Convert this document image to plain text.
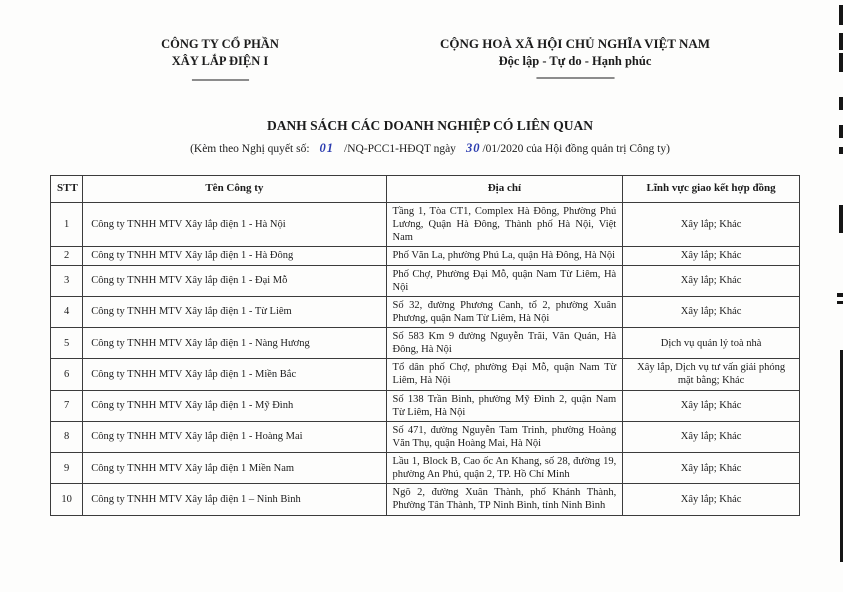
CÔNG TY CỔ PHẦN
XÂY LẮP ĐIỆN I
-------------------
CỘNG HOÀ XÃ HỘI CHỦ NGHĨA VIỆT NAM
Độc lập - Tự do - Hạnh phúc
--------------------------
DANH SÁCH CÁC DOANH NGHIỆP CÓ LIÊN QUAN
(Kèm theo Nghị quyết số: 01 /NQ-PCC1-HĐQT ngày 30 /01/2020 của Hội đồng quản trị Công ty)
STT	Tên Công ty	Địa chỉ	Lĩnh vực giao kết hợp đồng
1	Công ty TNHH MTV Xây lắp điện 1 - Hà Nội	Tầng 1, Tòa CT1, Complex Hà Đông, Phường Phú Lương, Quận Hà Đông, Thành phố Hà Nội, Việt Nam	Xây lắp; Khác
2	Công ty TNHH MTV Xây lắp điện 1 - Hà Đông	Phố Văn La, phường Phú La, quận Hà Đông, Hà Nội	Xây lắp; Khác
3	Công ty TNHH MTV Xây lắp điện 1 - Đại Mỗ	Phố Chợ, Phường Đại Mỗ, quận Nam Từ Liêm, Hà Nội	Xây lắp; Khác
4	Công ty TNHH MTV Xây lắp điện 1 - Từ Liêm	Số 32, đường Phương Canh, tổ 2, phường Xuân Phương, quận Nam Từ Liêm, Hà Nội	Xây lắp; Khác
5	Công ty TNHH MTV Xây lắp điện 1 - Nàng Hương	Số 583 Km 9 đường Nguyễn Trãi, Văn Quán, Hà Đông, Hà Nội	Dịch vụ quản lý toà nhà
6	Công ty TNHH MTV Xây lắp điện 1 - Miền Bắc	Tổ dân phố Chợ, phường Đại Mỗ, quận Nam Từ Liêm, Hà Nội	Xây lắp, Dịch vụ tư vấn giải phóng mặt bằng; Khác
7	Công ty TNHH MTV Xây lắp điện 1 - Mỹ Đình	Số 138 Trần Bình, phường Mỹ Đình 2, quận Nam Từ Liêm, Hà Nội	Xây lắp; Khác
8	Công ty TNHH MTV Xây lắp điện 1 - Hoàng Mai	Số 471, đường Nguyễn Tam Trinh, phường Hoàng Văn Thụ, quận Hoàng Mai, Hà Nội	Xây lắp; Khác
9	Công ty TNHH MTV Xây lắp điện 1 Miền Nam	Lầu 1, Block B, Cao ốc An Khang, số 28, đường 19, phường An Phú, quận 2, TP. Hồ Chí Minh	Xây lắp; Khác
10	Công ty TNHH MTV Xây lắp điện 1 – Ninh Bình	Ngõ 2, đường Xuân Thành, phố Khánh Thành, Phường Tân Thành, TP Ninh Bình, tỉnh Ninh Bình	Xây lắp; Khác
